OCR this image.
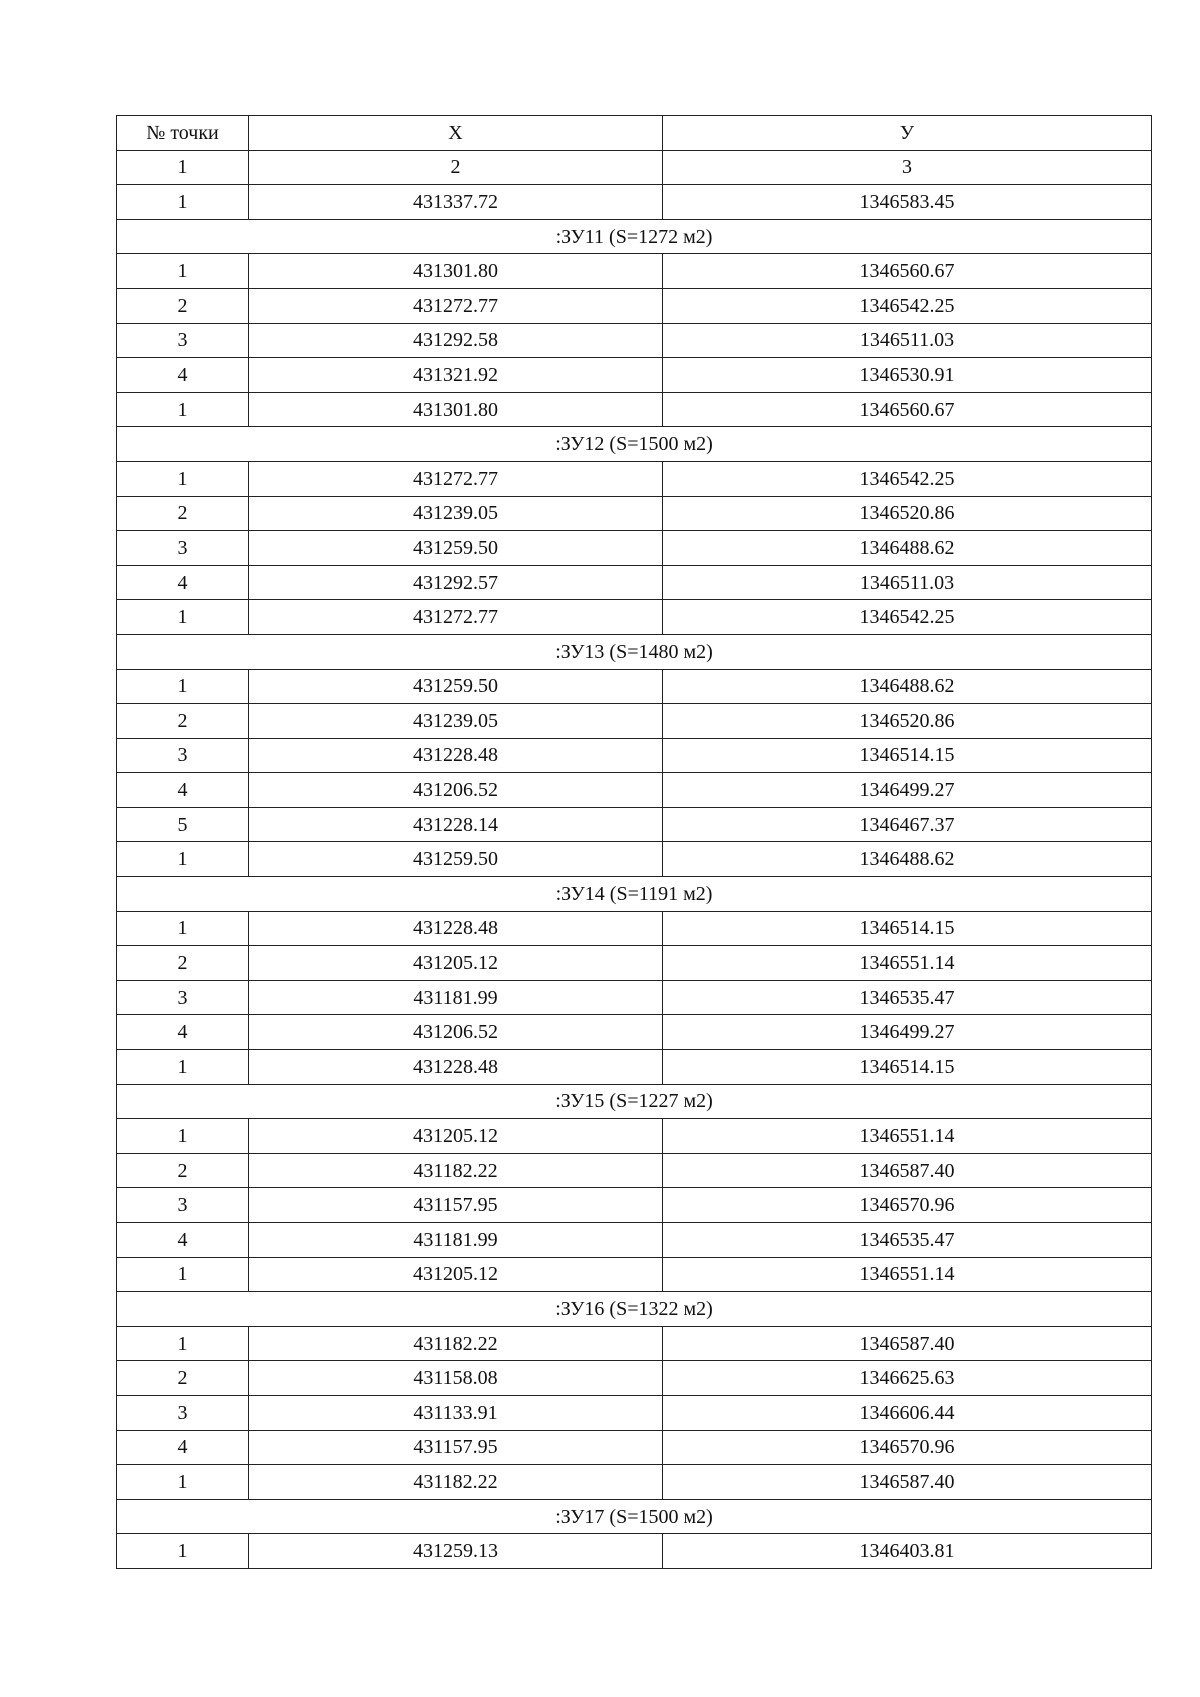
№ точки	X	У
1	2	3
1	431337.72	1346583.45
:ЗУ11 (S=1272 м2)		
1	431301.80	1346560.67
2	431272.77	1346542.25
3	431292.58	1346511.03
4	431321.92	1346530.91
1	431301.80	1346560.67
:ЗУ12 (S=1500 м2)		
1	431272.77	1346542.25
2	431239.05	1346520.86
3	431259.50	1346488.62
4	431292.57	1346511.03
1	431272.77	1346542.25
:ЗУ13 (S=1480 м2)		
1	431259.50	1346488.62
2	431239.05	1346520.86
3	431228.48	1346514.15
4	431206.52	1346499.27
5	431228.14	1346467.37
1	431259.50	1346488.62
:ЗУ14 (S=1191 м2)		
1	431228.48	1346514.15
2	431205.12	1346551.14
3	431181.99	1346535.47
4	431206.52	1346499.27
1	431228.48	1346514.15
:ЗУ15 (S=1227 м2)		
1	431205.12	1346551.14
2	431182.22	1346587.40
3	431157.95	1346570.96
4	431181.99	1346535.47
1	431205.12	1346551.14
:ЗУ16 (S=1322 м2)		
1	431182.22	1346587.40
2	431158.08	1346625.63
3	431133.91	1346606.44
4	431157.95	1346570.96
1	431182.22	1346587.40
:ЗУ17 (S=1500 м2)		
1	431259.13	1346403.81
